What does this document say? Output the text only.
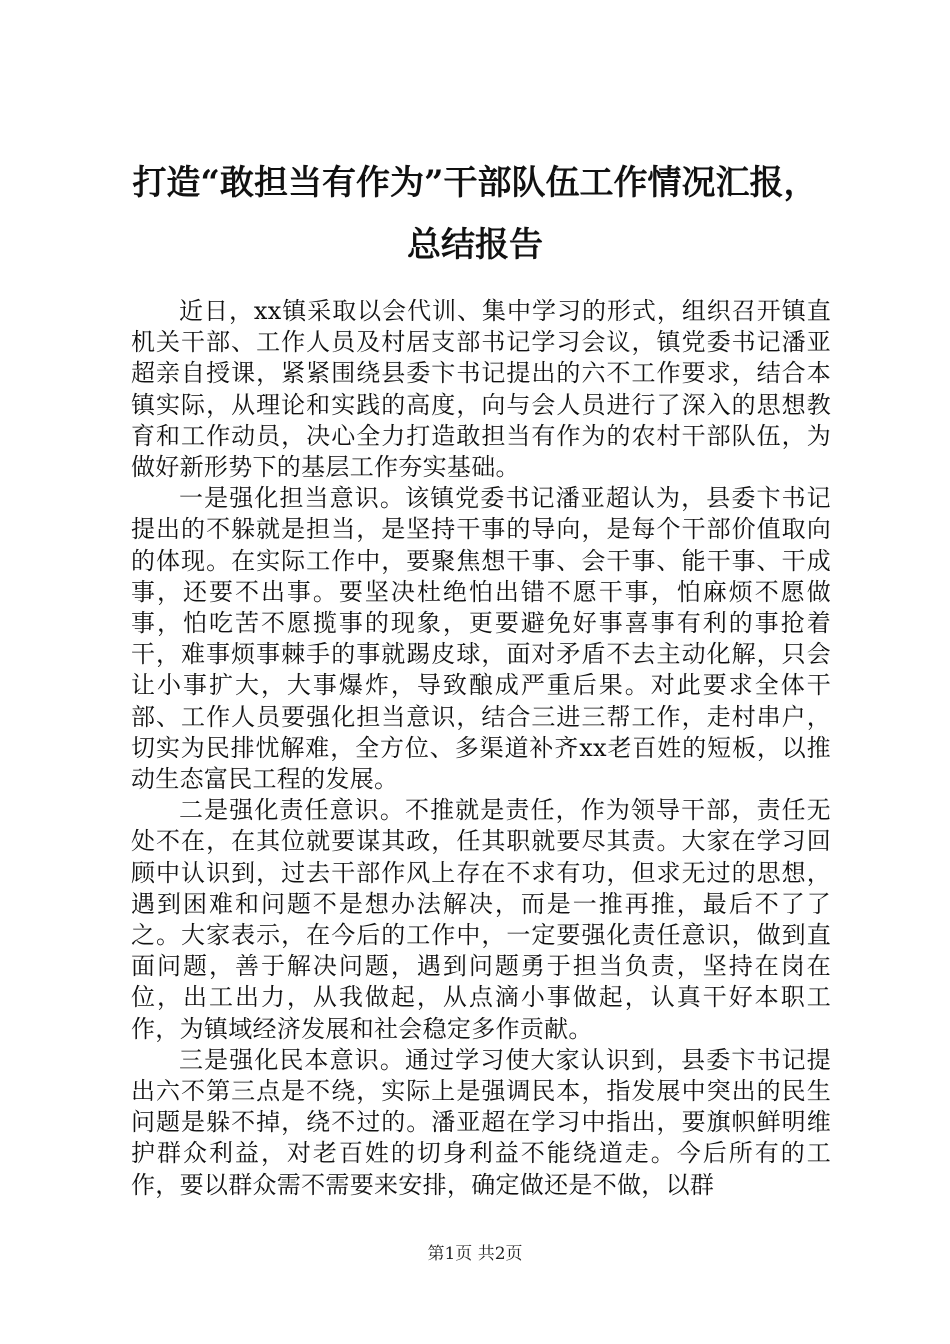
打造“敢担当有作为”干部队伍工作情况汇报，
总结报告

近日，xx镇采取以会代训、集中学习的形式，组织召开镇直机关干部、工作人员及村居支部书记学习会议，镇党委书记潘亚超亲自授课，紧紧围绕县委卞书记提出的六不工作要求，结合本镇实际，从理论和实践的高度，向与会人员进行了深入的思想教育和工作动员，决心全力打造敢担当有作为的农村干部队伍，为做好新形势下的基层工作夯实基础。

一是强化担当意识。该镇党委书记潘亚超认为，县委卞书记提出的不躲就是担当，是坚持干事的导向，是每个干部价值取向的体现。在实际工作中，要聚焦想干事、会干事、能干事、干成事，还要不出事。要坚决杜绝怕出错不愿干事，怕麻烦不愿做事，怕吃苦不愿揽事的现象，更要避免好事喜事有利的事抢着干，难事烦事棘手的事就踢皮球，面对矛盾不去主动化解，只会让小事扩大，大事爆炸，导致酿成严重后果。对此要求全体干部、工作人员要强化担当意识，结合三进三帮工作，走村串户，切实为民排忧解难，全方位、多渠道补齐xx老百姓的短板，以推动生态富民工程的发展。

二是强化责任意识。不推就是责任，作为领导干部，责任无处不在，在其位就要谋其政，任其职就要尽其责。大家在学习回顾中认识到，过去干部作风上存在不求有功，但求无过的思想，遇到困难和问题不是想办法解决，而是一推再推，最后不了了之。大家表示，在今后的工作中，一定要强化责任意识，做到直面问题，善于解决问题，遇到问题勇于担当负责，坚持在岗在位，出工出力，从我做起，从点滴小事做起，认真干好本职工作，为镇域经济发展和社会稳定多作贡献。

三是强化民本意识。通过学习使大家认识到，县委卞书记提出六不第三点是不绕，实际上是强调民本，指发展中突出的民生问题是躲不掉，绕不过的。潘亚超在学习中指出，要旗帜鲜明维护群众利益，对老百姓的切身利益不能绕道走。今后所有的工作，要以群众需不需要来安排，确定做还是不做，以群

第1页 共2页
